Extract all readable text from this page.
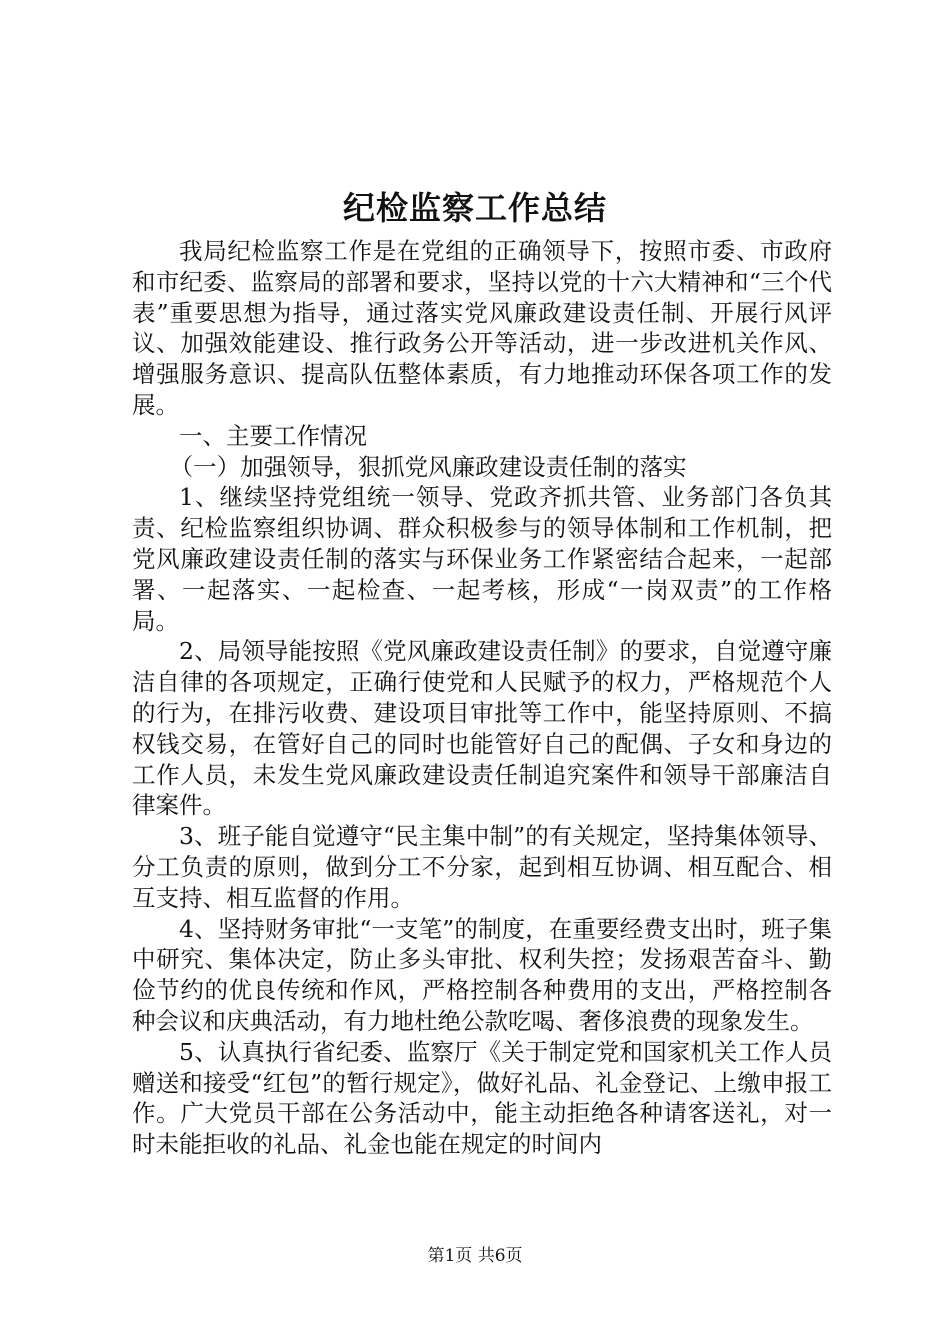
纪检监察工作总结

我局纪检监察工作是在党组的正确领导下，按照市委、市政府和市纪委、监察局的部署和要求，坚持以党的十六大精神和“三个代表”重要思想为指导，通过落实党风廉政建设责任制、开展行风评议、加强效能建设、推行政务公开等活动，进一步改进机关作风、增强服务意识、提高队伍整体素质，有力地推动环保各项工作的发展。

一、主要工作情况

（一）加强领导，狠抓党风廉政建设责任制的落实

1、继续坚持党组统一领导、党政齐抓共管、业务部门各负其责、纪检监察组织协调、群众积极参与的领导体制和工作机制，把党风廉政建设责任制的落实与环保业务工作紧密结合起来，一起部署、一起落实、一起检查、一起考核，形成“一岗双责”的工作格局。

2、局领导能按照《党风廉政建设责任制》的要求，自觉遵守廉洁自律的各项规定，正确行使党和人民赋予的权力，严格规范个人的行为，在排污收费、建设项目审批等工作中，能坚持原则、不搞权钱交易，在管好自己的同时也能管好自己的配偶、子女和身边的工作人员，未发生党风廉政建设责任制追究案件和领导干部廉洁自律案件。

3、班子能自觉遵守“民主集中制”的有关规定，坚持集体领导、分工负责的原则，做到分工不分家，起到相互协调、相互配合、相互支持、相互监督的作用。

4、坚持财务审批“一支笔”的制度，在重要经费支出时，班子集中研究、集体决定，防止多头审批、权利失控；发扬艰苦奋斗、勤俭节约的优良传统和作风，严格控制各种费用的支出，严格控制各种会议和庆典活动，有力地杜绝公款吃喝、奢侈浪费的现象发生。

5、认真执行省纪委、监察厅《关于制定党和国家机关工作人员赠送和接受“红包”的暂行规定》，做好礼品、礼金登记、上缴申报工作。广大党员干部在公务活动中，能主动拒绝各种请客送礼，对一时未能拒收的礼品、礼金也能在规定的时间内

第1页 共6页
